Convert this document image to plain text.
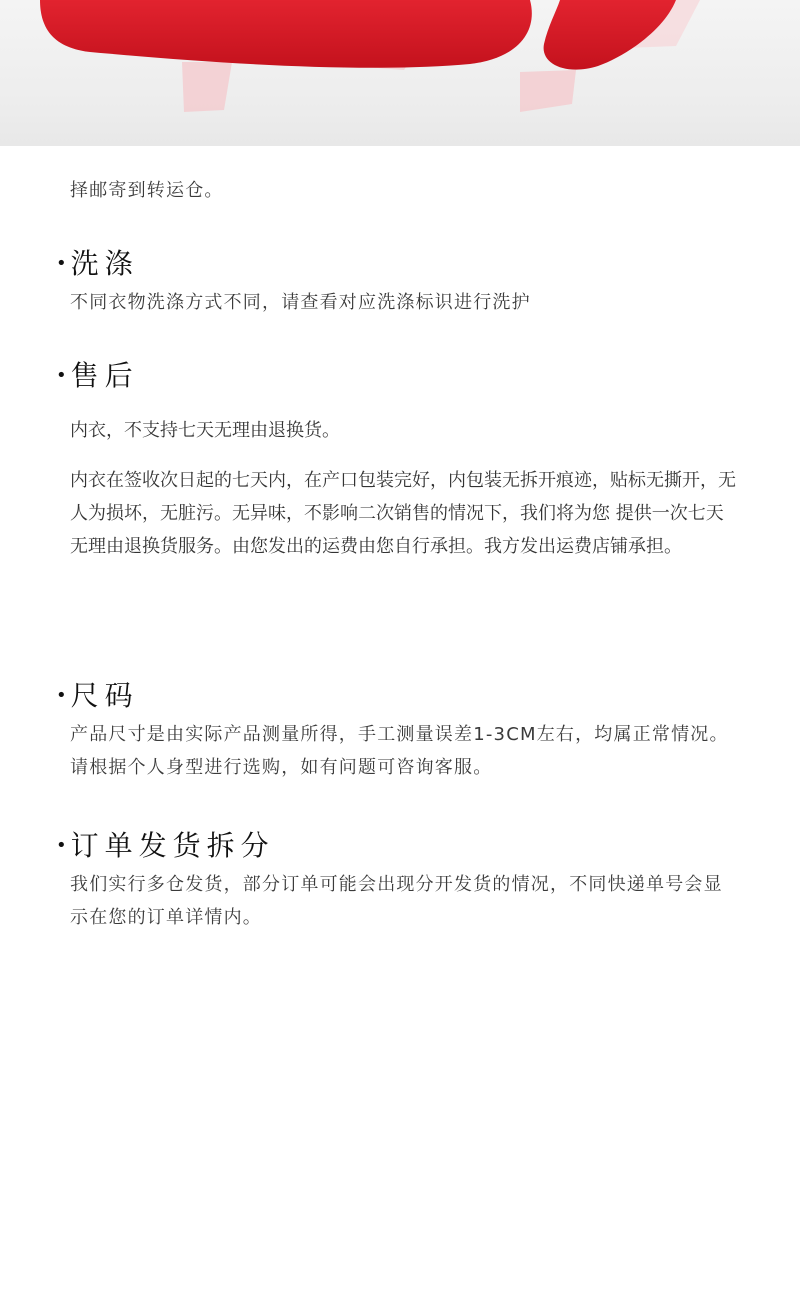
择邮寄到转运仓。

• 洗涤

不同衣物洗涤方式不同，请查看对应洗涤标识进行洗护

• 售后

内衣，不支持七天无理由退换货。

内衣在签收次日起的七天内，在产口包装完好，内包装无拆开痕迹，贴标无撕开，无人为损坏，无脏污。无异味，不影响二次销售的情况下，我们将为您 提供一次七天无理由退换货服务。由您发出的运费由您自行承担。我方发出运费店铺承担。

• 尺码

产品尺寸是由实际产品测量所得，手工测量误差1-3CM左右，均属正常情况。请根据个人身型进行选购，如有问题可咨询客服。

• 订单发货拆分

我们实行多仓发货，部分订单可能会出现分开发货的情况，不同快递单号会显示在您的订单详情内。
